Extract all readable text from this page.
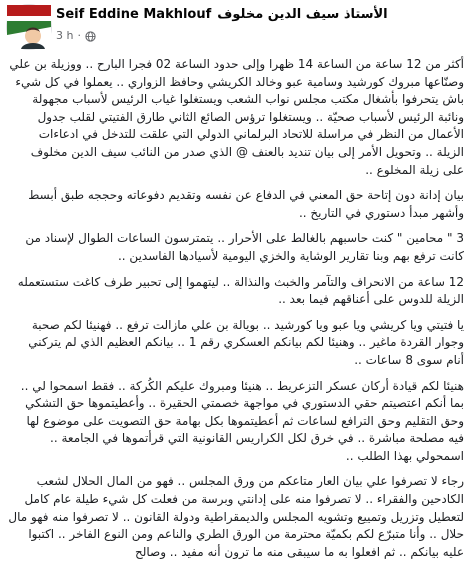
Seif Eddine Makhlouf الأستاذ سيف الدين مخلوف
3 h ·

أكثر من 12 ساعة من الساعة 14 ظهرا وإلى حدود الساعة 02 فجرا البارح .. ووزيلة بن علي وصنّاعها مبروك كورشيد وسامية عبو وخالد الكريشي وحافظ الزواري .. يعملوا في كل شيء باش يتحرفوا بأشغال مكتب مجلس نواب الشعب ويستغلوا غياب الرئيس لأسباب مجهولة ونائبة الرئيس لأسباب صحيّة .. ويستغلوا ترؤس الصائع الثاني طارق الفتيتي لقلب جدول الأعمال من النظر في مراسلة للاتحاد البرلماني الدولي التي علقت للتدخل في ادعاءات الزيلة .. وتحويل الأمر إلى بيان تنديد بالعنف @ الذي صدر من النائب سيف الدين مخلوف على زيلة المخلوع ..

بيان إدانة دون إتاحة حق المعني في الدفاع عن نفسه وتقديم دفوعاته وحججه طبق أبسط وأشهر مبدأ دستوري في التاريخ ..

3 " محامين " كنت حاسبهم بالغالط على الأحرار .. يتمترسون الساعات الطوال لإسناد من كانت ترفع بهم وبنا تقارير الوشاية والخزي اليومية لأسيادها الفاسدين ..

12 ساعة من الانحراف والتآمر والخبث والنذالة .. ليتهموا إلى تحبير طرف كاغت ستستعمله الزيلة للدوس على أعناقهم فيما بعد ..

يا فتيتي ويا كريشي ويا عبو ويا كورشيد .. بويالة بن علي مازالت ترفع .. فهنيئا لكم صحبة وجوار القردة ماغير .. وهنيئا لكم بيانكم العسكري رقم 1 .. بيانكم العظيم الذي لم يتركني أنام سوى 8 ساعات ..

هنيئا لكم قيادة أركان عسكر التزعريط .. هنيئا ومبروك عليكم الكُركة .. فقط اسمحوا لي .. بما أنكم اعتصيتم حقي الدستوري في مواجهة خصمتي الحقيرة .. وأعطيتموها حق التشكي وحق التقليم وحق الترافع لساعات ثم أعطيتموها بكل بهامة حق التصويت على موضوع لها فيه مصلحة مباشرة .. في خرق لكل الكراريس القانونية التي قرأتموها في الجامعة .. اسمحولي بهذا الطلب ..

رجاء لا تصرفوا علي بيان العار متاعكم من ورق المجلس .. فهو من المال الحلال لشعب الكادحين والفقراء .. لا تصرفوا منه على إدانتي وبرسة من فعلت كل شيء طيلة عام كامل لتعطيل وتزريل وتمييع وتشويه المجلس والديمقراطية ودولة القانون .. لا تصرفوا منه فهو مال حلال .. وأنا متبرّع لكم بكميّة محترمة من الورق الطري والناعم ومن النوع الفاخر .. اكتبوا عليه بيانكم .. ثم افعلوا به ما سيبقى منه ما ترون أنه مفيد .. وصالح
